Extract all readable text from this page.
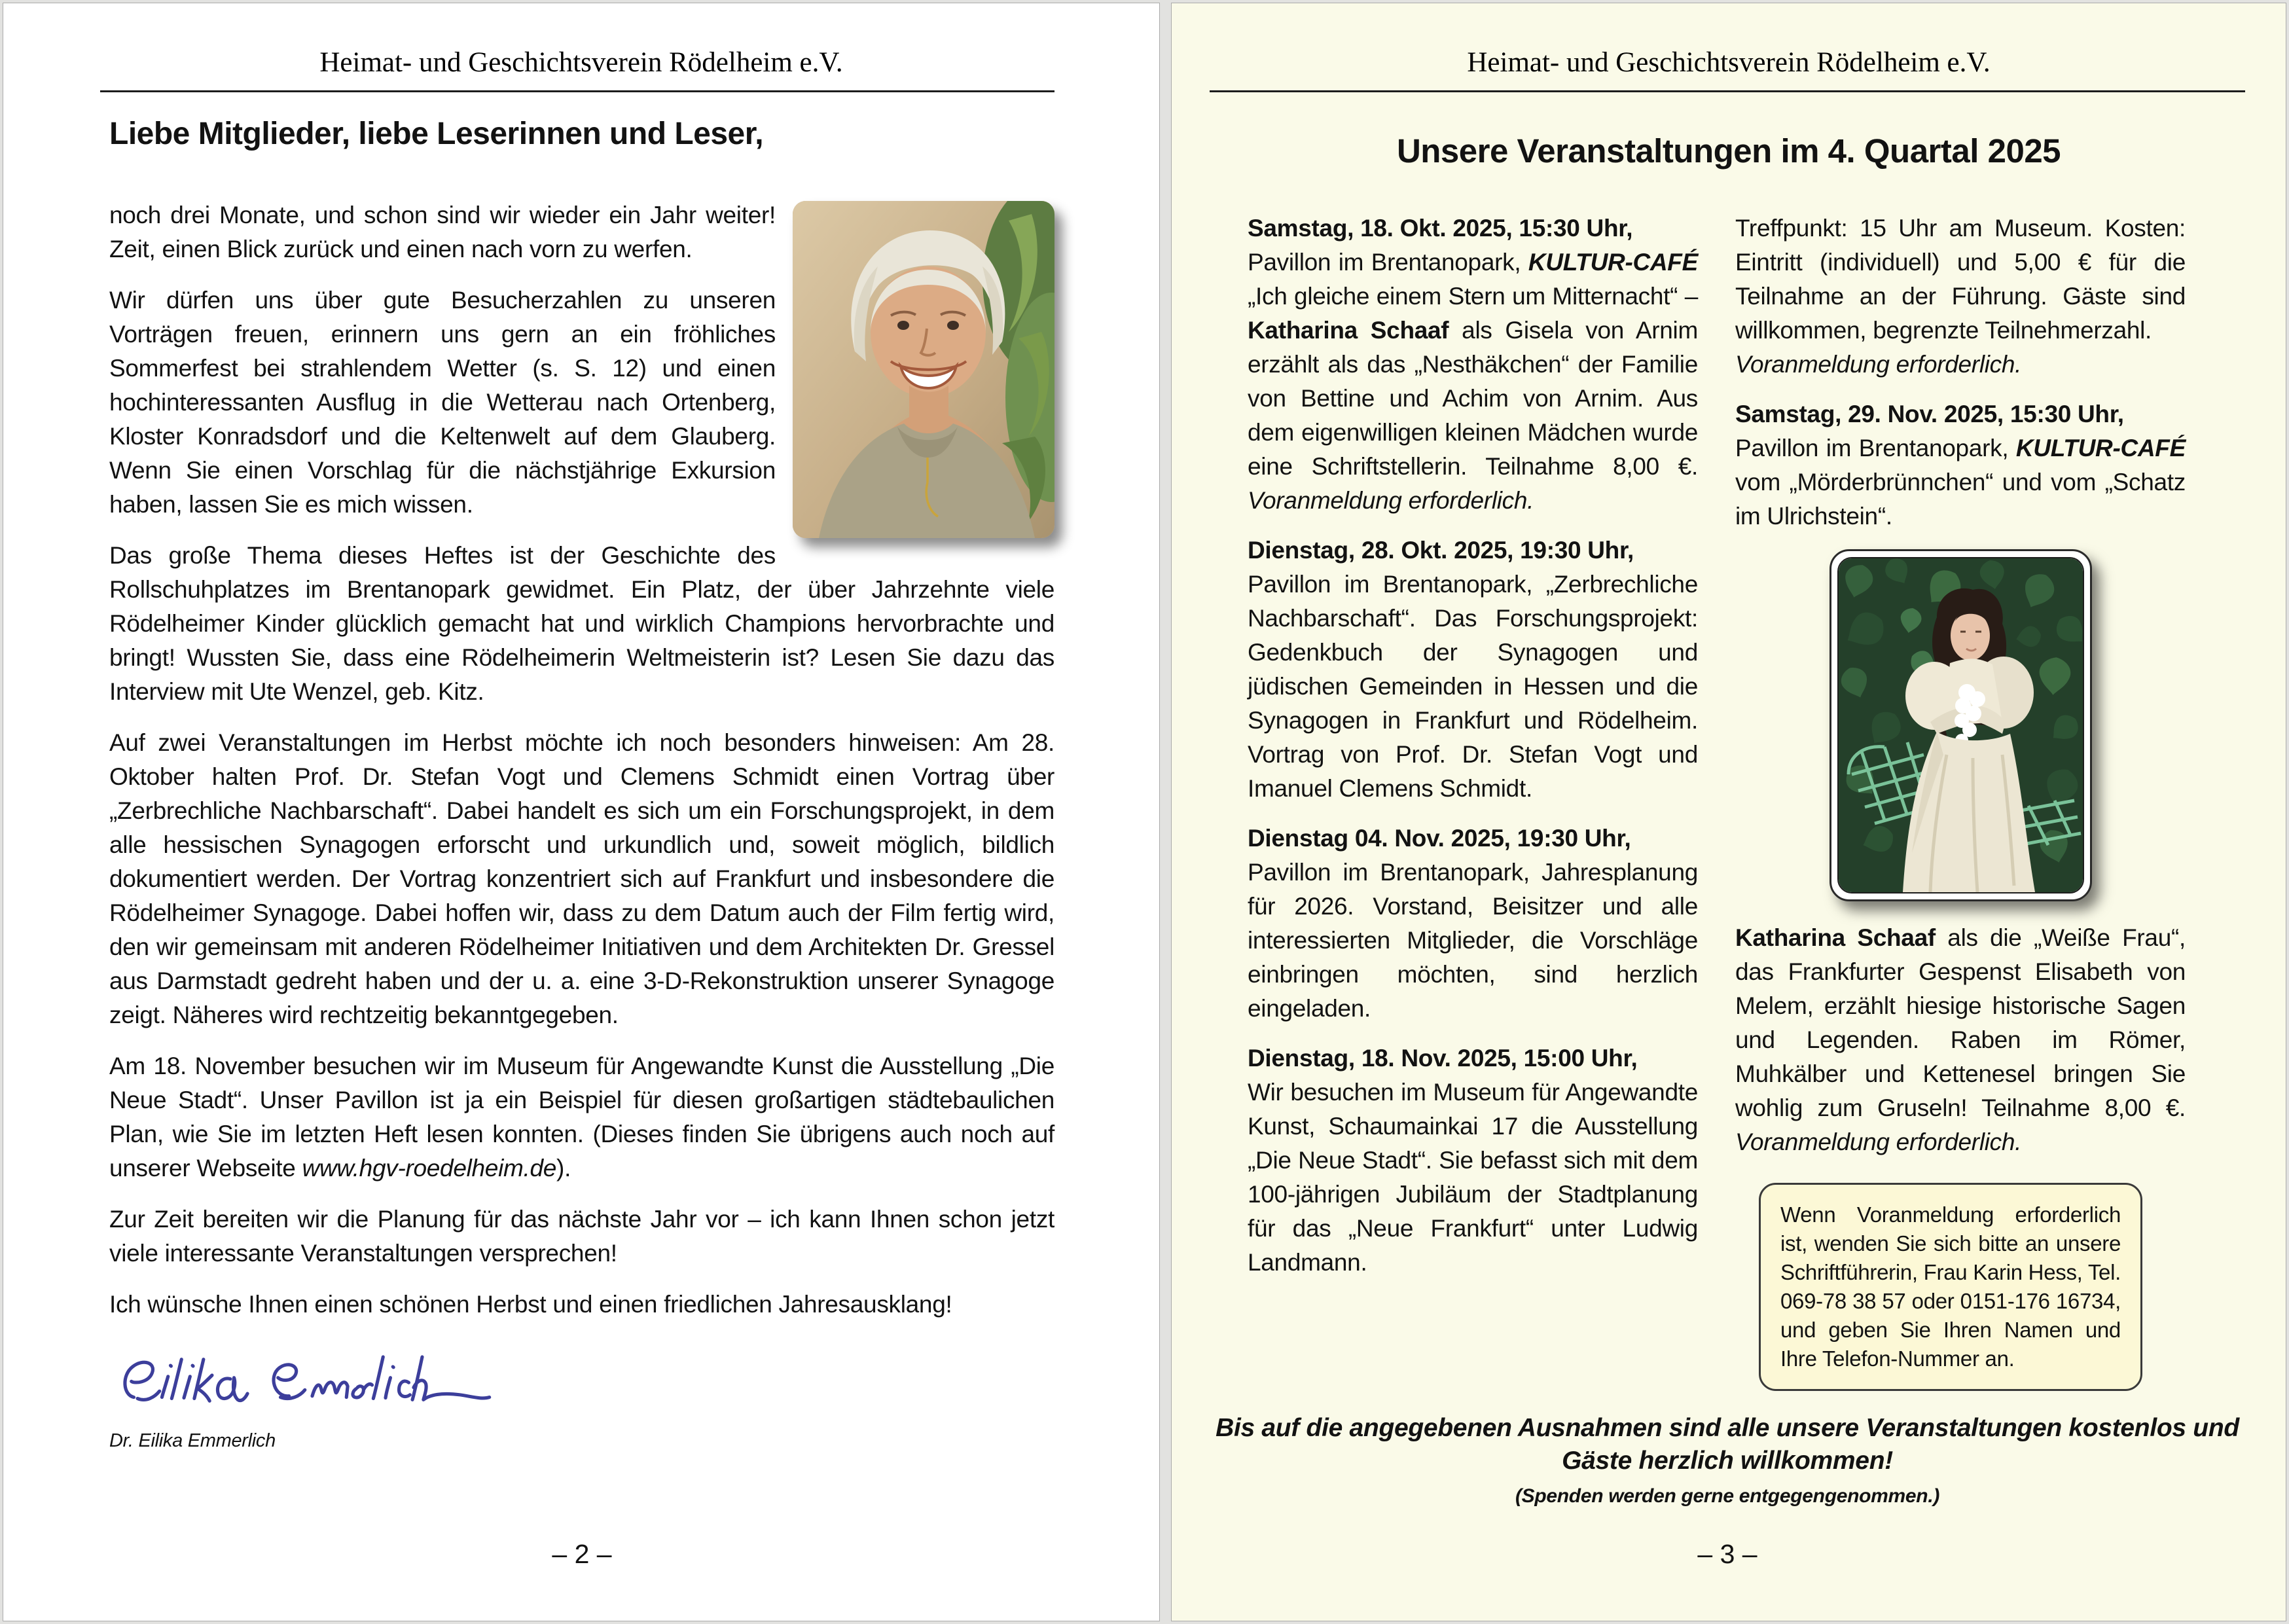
Heimat- und Geschichtsverein Rödelheim e.V.
Liebe Mitglieder, liebe Leserinnen und Leser,

noch drei Monate, und schon sind wir wieder ein Jahr weiter! Zeit, einen Blick zurück und einen nach vorn zu werfen.

Wir dürfen uns über gute Besucherzahlen zu unseren Vorträgen freuen, erinnern uns gern an ein fröhliches Sommerfest bei strahlendem Wetter (s. S. 12) und einen hochinteressanten Ausflug in die Wetterau nach Ortenberg, Kloster Konradsdorf und die Keltenwelt auf dem Glauberg. Wenn Sie einen Vorschlag für die nächstjährige Exkursion haben, lassen Sie es mich wissen.

Das große Thema dieses Heftes ist der Geschichte des Rollschuhplatzes im Brentanopark gewidmet. Ein Platz, der über Jahrzehnte viele Rödelheimer Kinder glücklich gemacht hat und wirklich Champions hervorbrachte und bringt! Wussten Sie, dass eine Rödelheimerin Weltmeisterin ist? Lesen Sie dazu das Interview mit Ute Wenzel, geb. Kitz.

Auf zwei Veranstaltungen im Herbst möchte ich noch besonders hinweisen: Am 28. Oktober halten Prof. Dr. Stefan Vogt und Clemens Schmidt einen Vortrag über „Zerbrechliche Nachbarschaft“. Dabei handelt es sich um ein Forschungsprojekt, in dem alle hessischen Synagogen erforscht und urkundlich und, soweit möglich, bildlich dokumentiert werden. Der Vortrag konzentriert sich auf Frankfurt und insbesondere die Rödelheimer Synagoge. Dabei hoffen wir, dass zu dem Datum auch der Film fertig wird, den wir gemeinsam mit anderen Rödelheimer Initiativen und dem Architekten Dr. Gressel aus Darmstadt gedreht haben und der u. a. eine 3-D-Rekonstruktion unserer Synagoge zeigt. Näheres wird rechtzeitig bekanntgegeben.

Am 18. November besuchen wir im Museum für Angewandte Kunst die Ausstellung „Die Neue Stadt“. Unser Pavillon ist ja ein Beispiel für diesen großartigen städtebaulichen Plan, wie Sie im letzten Heft lesen konnten. (Dieses finden Sie übrigens auch noch auf unserer Webseite www.hgv-roedelheim.de).

Zur Zeit bereiten wir die Planung für das nächste Jahr vor – ich kann Ihnen schon jetzt viele interessante Veranstaltungen versprechen!

Ich wünsche Ihnen einen schönen Herbst und einen friedlichen Jahresausklang!

Dr. Eilika Emmerlich
– 2 –
Heimat- und Geschichtsverein Rödelheim e.V.
Unsere Veranstaltungen im 4. Quartal 2025

Samstag, 18. Okt. 2025, 15:30 Uhr,
Pavillon im Brentanopark, KULTUR-CAFÉ „Ich gleiche einem Stern um Mitternacht“ – Katharina Schaaf als Gisela von Arnim erzählt als das „Nesthäkchen“ der Familie von Bettine und Achim von Arnim. Aus dem eigenwilligen kleinen Mädchen wurde eine Schriftstellerin. Teilnahme 8,00 €. Voranmeldung erforderlich.

Dienstag, 28. Okt. 2025, 19:30 Uhr,
Pavillon im Brentanopark, „Zerbrechliche Nachbarschaft“. Das Forschungsprojekt: Gedenkbuch der Synagogen und jüdischen Gemeinden in Hessen und die Synagogen in Frankfurt und Rödelheim. Vortrag von Prof. Dr. Stefan Vogt und Imanuel Clemens Schmidt.

Dienstag 04. Nov. 2025, 19:30 Uhr,
Pavillon im Brentanopark, Jahresplanung für 2026. Vorstand, Beisitzer und alle interessierten Mitglieder, die Vorschläge einbringen möchten, sind herzlich eingeladen.

Dienstag, 18. Nov. 2025, 15:00 Uhr,
Wir besuchen im Museum für Angewandte Kunst, Schaumainkai 17 die Ausstellung „Die Neue Stadt“. Sie befasst sich mit dem 100-jährigen Jubiläum der Stadtplanung für das „Neue Frankfurt“ unter Ludwig Landmann.

Treffpunkt: 15 Uhr am Museum. Kosten: Eintritt (individuell) und 5,00 € für die Teilnahme an der Führung. Gäste sind willkommen, begrenzte Teilnehmerzahl.
Voranmeldung erforderlich.

Samstag, 29. Nov. 2025, 15:30 Uhr,
Pavillon im Brentanopark, KULTUR-CAFÉ vom „Mörderbrünnchen“ und vom „Schatz im Ulrichstein“.

Katharina Schaaf als die „Weiße Frau“, das Frankfurter Gespenst Elisabeth von Melem, erzählt hiesige historische Sagen und Legenden. Raben im Römer, Muhkälber und Kettenesel bringen Sie wohlig zum Gruseln! Teilnahme 8,00 €. Voranmeldung erforderlich.

Wenn Voranmeldung erforderlich ist, wenden Sie sich bitte an unsere Schriftführerin, Frau Karin Hess, Tel. 069-78 38 57 oder 0151-176 16734, und geben Sie Ihren Namen und Ihre Telefon-Nummer an.

Bis auf die angegebenen Ausnahmen sind alle unsere Veranstaltungen kostenlos und Gäste herzlich willkommen!
(Spenden werden gerne entgegengenommen.)
– 3 –
